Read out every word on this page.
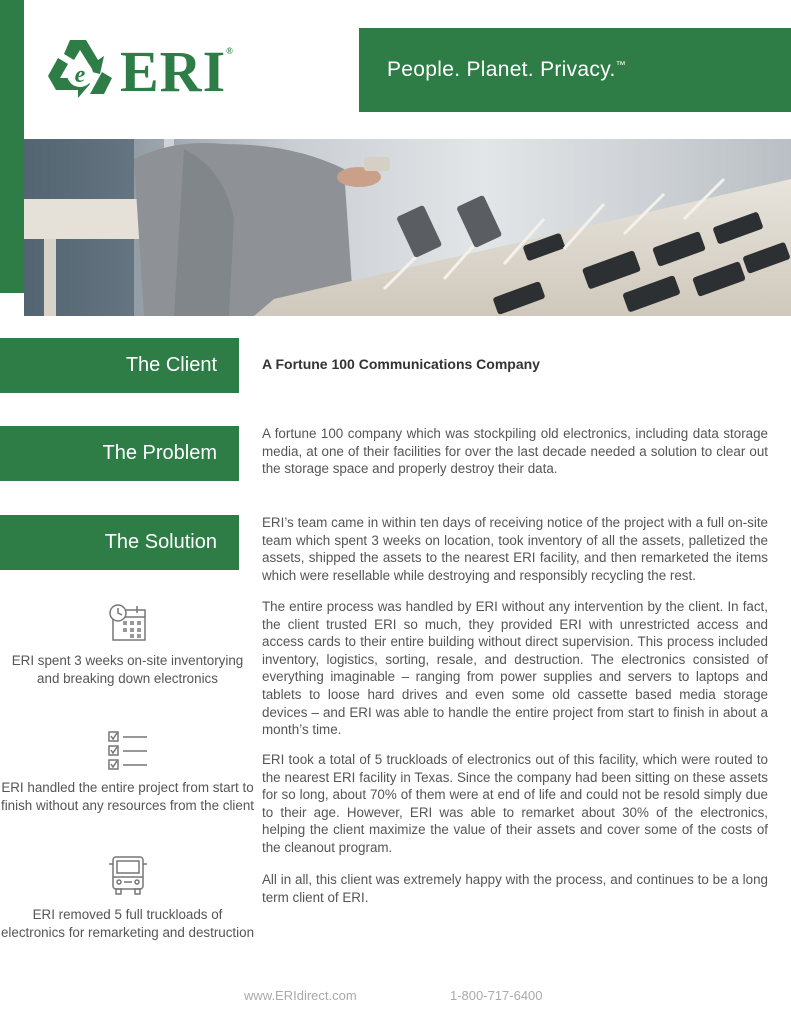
e ERI®
People. Planet. Privacy.™
The Client	A Fortune 100 Communications Company
The Problem

A fortune 100 company which was stockpiling old electronics, including data storage media, at one of their facilities for over the last decade needed a solution to clear out the storage space and properly destroy their data.

The Solution

ERI’s team came in within ten days of receiving notice of the project with a full on-site team which spent 3 weeks on location, took inventory of all the assets, palletized the assets, shipped the assets to the nearest ERI facility, and then remarketed the items which were resellable while destroying and responsibly recycling the rest.

The entire process was handled by ERI without any intervention by the client. In fact, the client trusted ERI so much, they provided ERI with unrestricted access and access cards to their entire building without direct supervision. This process included inventory, logistics, sorting, resale, and destruction. The electronics consisted of everything imaginable – ranging from power supplies and servers to laptops and tablets to loose hard drives and even some old cassette based media storage devices – and ERI was able to handle the entire project from start to finish in about a month’s time.

ERI took a total of 5 truckloads of electronics out of this facility, which were routed to the nearest ERI facility in Texas. Since the company had been sitting on these assets for so long, about 70% of them were at end of life and could not be resold simply due to their age. However, ERI was able to remarket about 30% of the electronics, helping the client maximize the value of their assets and cover some of the costs of the cleanout program.

All in all, this client was extremely happy with the process, and continues to be a long term client of ERI.

ERI spent 3 weeks on-site inventorying and breaking down electronics
ERI handled the entire project from start to finish without any resources from the client
ERI removed 5 full truckloads of electronics for remarketing and destruction
www.ERIdirect.com	1-800-717-6400
